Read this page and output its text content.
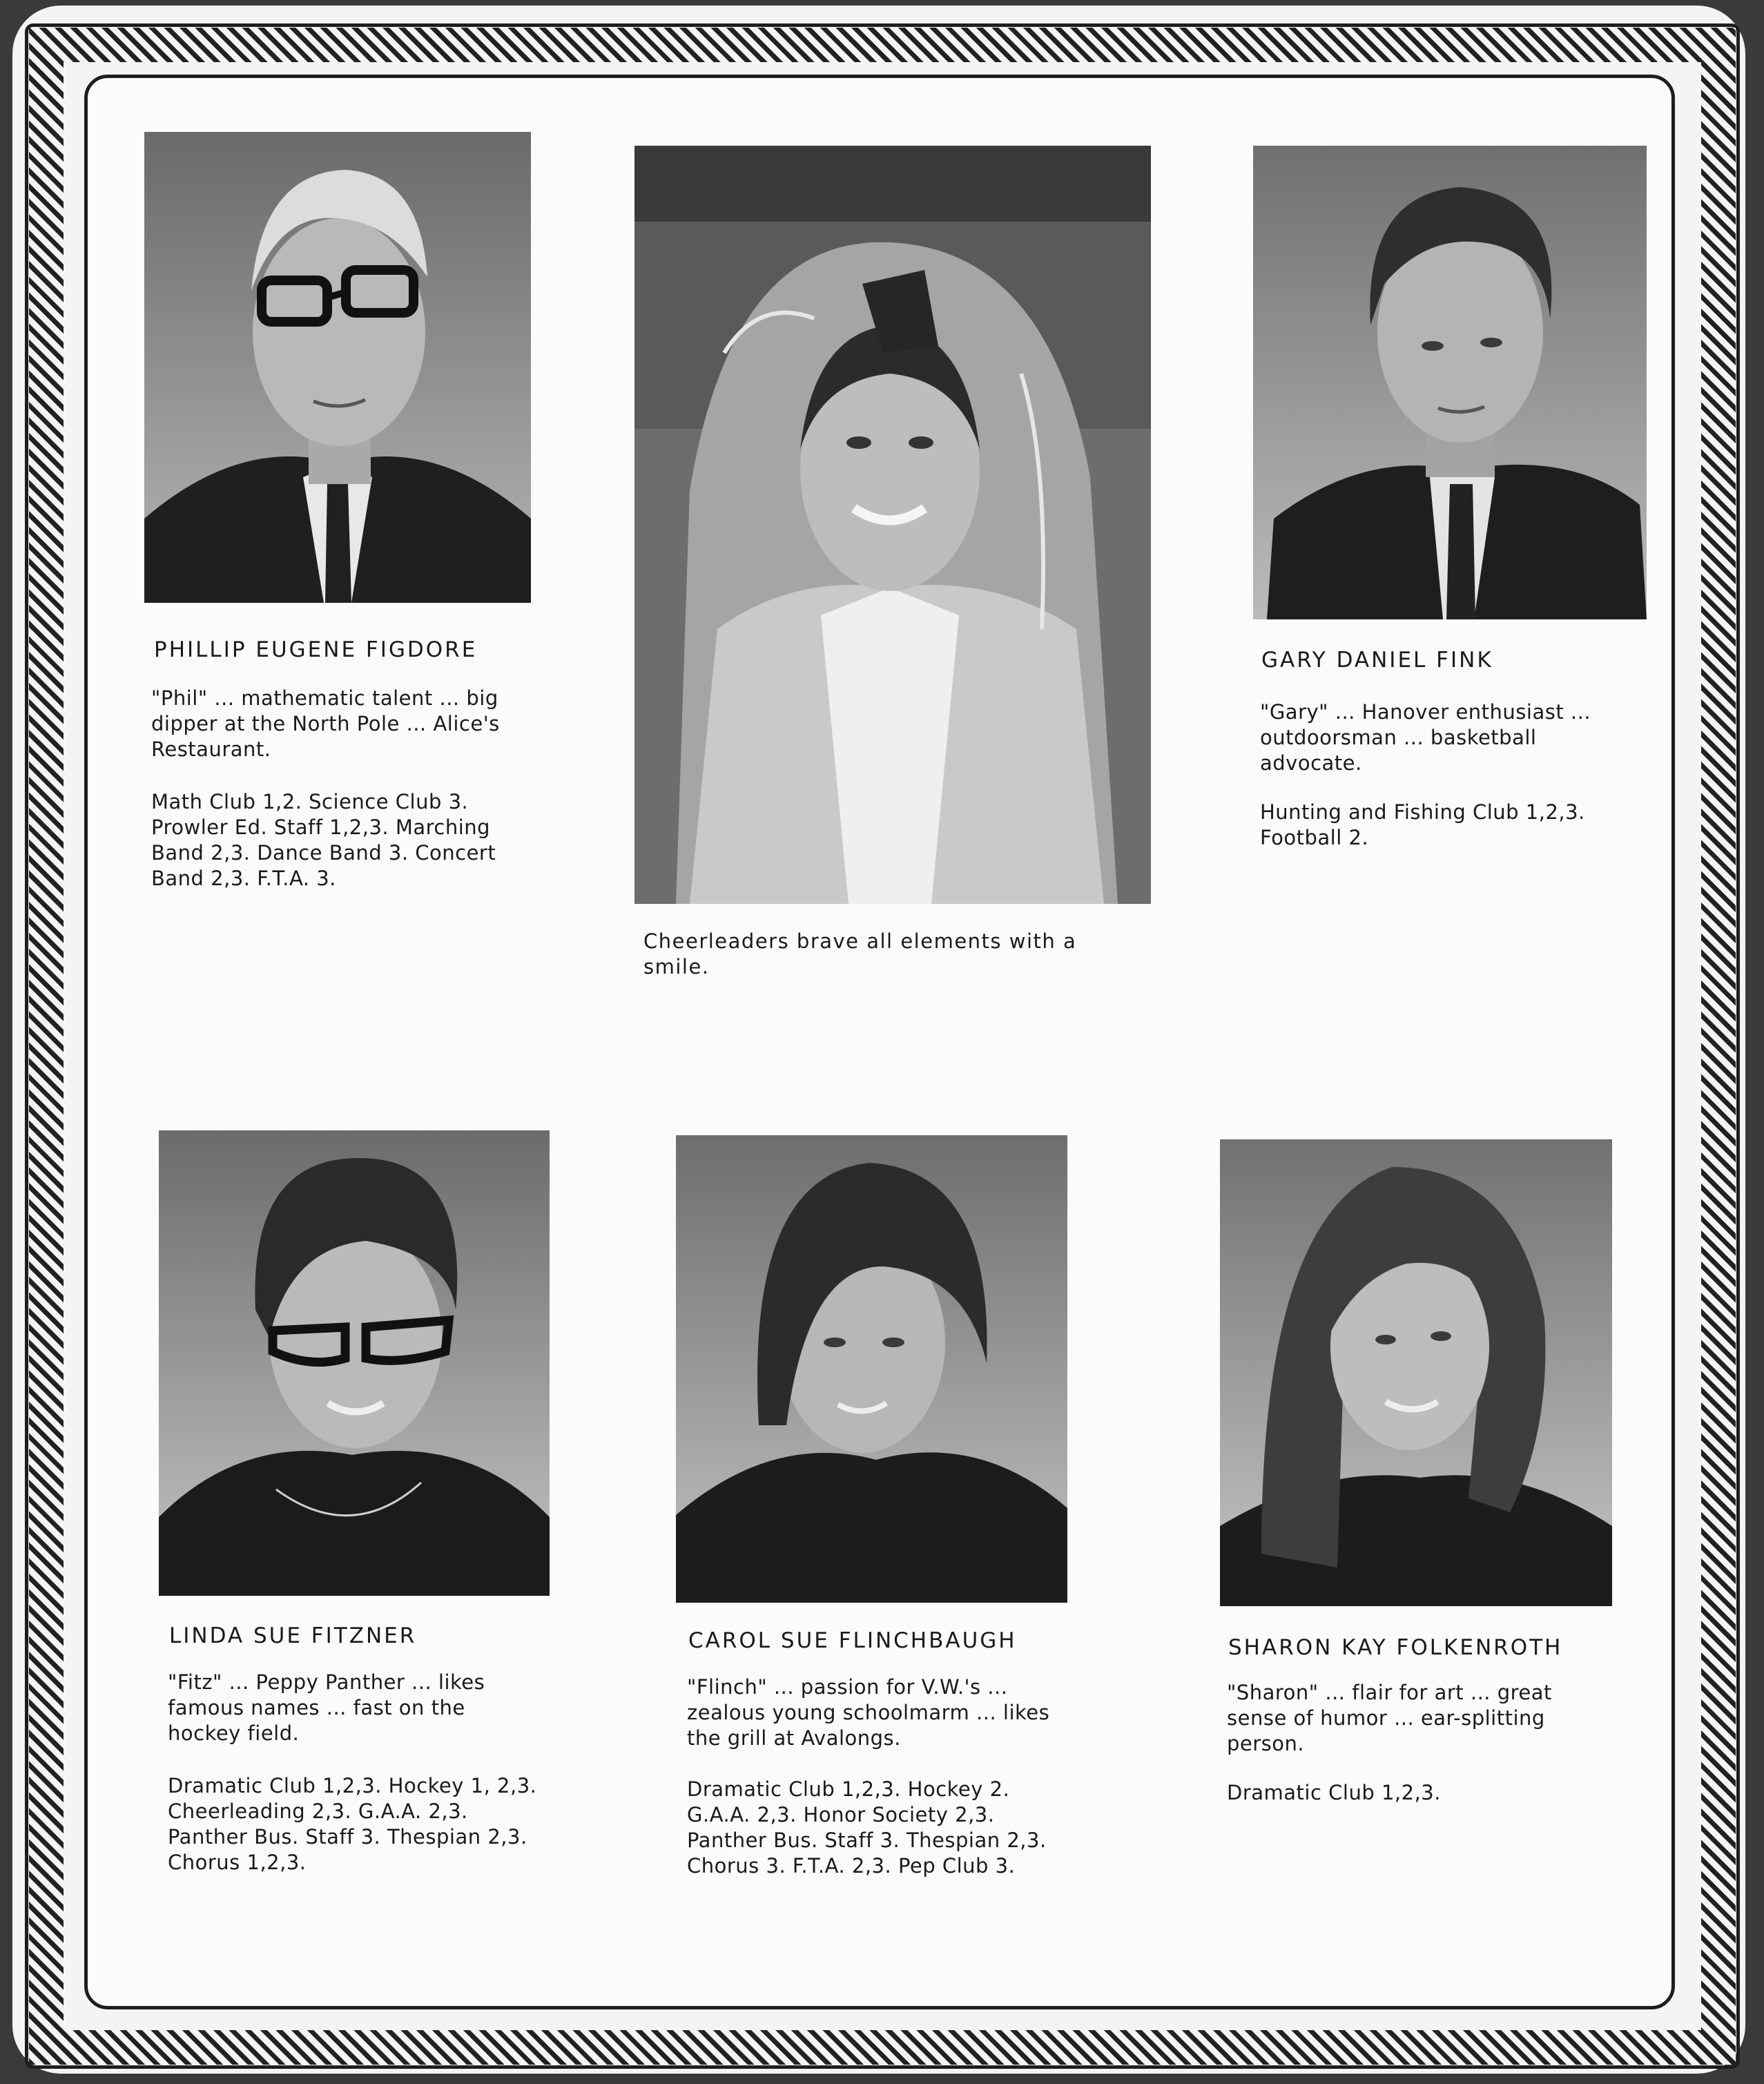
PHILLIP EUGENE FIGDORE

"Phil" ... mathematic talent ... big dipper at the North Pole ... Alice's Restaurant.

Math Club 1,2. Science Club 3. Prowler Ed. Staff 1,2,3. Marching Band 2,3. Dance Band 3. Concert Band 2,3. F.T.A. 3.

Cheerleaders brave all elements with a smile.

GARY DANIEL FINK

"Gary" ... Hanover enthusiast ... outdoorsman ... basketball advocate.

Hunting and Fishing Club 1,2,3. Football 2.

LINDA SUE FITZNER

"Fitz" ... Peppy Panther ... likes famous names ... fast on the hockey field.

Dramatic Club 1,2,3. Hockey 1, 2,3. Cheerleading 2,3. G.A.A. 2,3. Panther Bus. Staff 3. Thespian 2,3. Chorus 1,2,3.

CAROL SUE FLINCHBAUGH

"Flinch" ... passion for V.W.'s ... zealous young schoolmarm ... likes the grill at Avalongs.

Dramatic Club 1,2,3. Hockey 2. G.A.A. 2,3. Honor Society 2,3. Panther Bus. Staff 3. Thespian 2,3. Chorus 3. F.T.A. 2,3. Pep Club 3.

SHARON KAY FOLKENROTH

"Sharon" ... flair for art ... great sense of humor ... ear-splitting person.

Dramatic Club 1,2,3.
